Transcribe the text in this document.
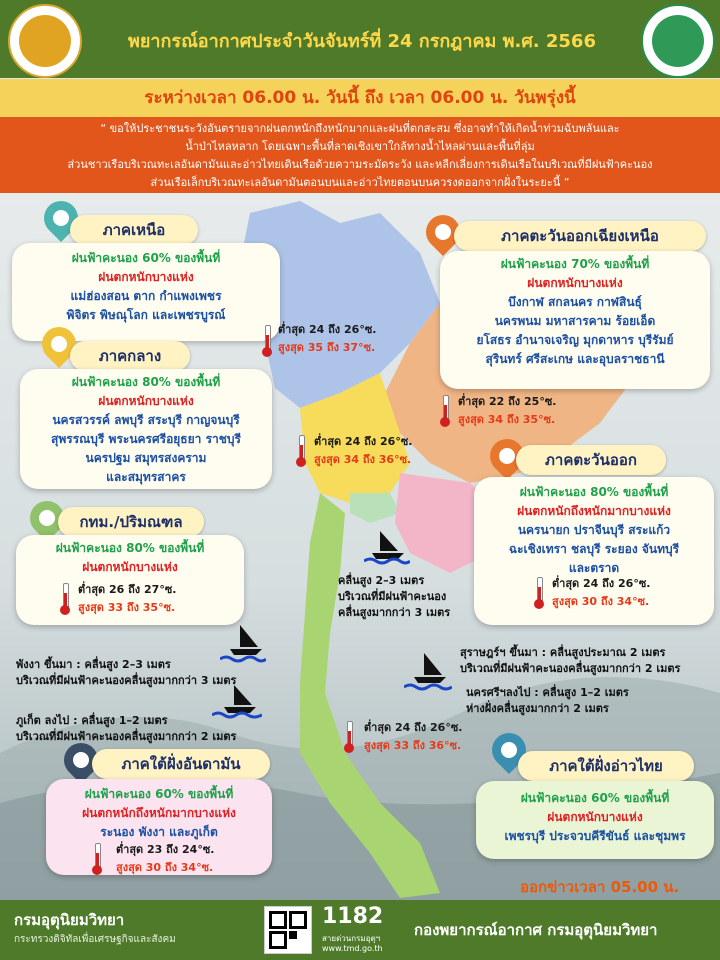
พยากรณ์อากาศประจำวันจันทร์ที่ 24 กรกฎาคม พ.ศ. 2566
ระหว่างเวลา 06.00 น. วันนี้ ถึง เวลา 06.00 น. วันพรุ่งนี้
“ ขอให้ประชาชนระวังอันตรายจากฝนตกหนักถึงหนักมากและฝนที่ตกสะสม ซึ่งอาจทำให้เกิดน้ำท่วมฉับพลันและ
น้ำป่าไหลหลาก โดยเฉพาะพื้นที่ลาดเชิงเขาใกล้ทางน้ำไหลผ่านและพื้นที่ลุ่ม
ส่วนชาวเรือบริเวณทะเลอันดามันและอ่าวไทยเดินเรือด้วยความระมัดระวัง และหลีกเลี่ยงการเดินเรือในบริเวณที่มีฝนฟ้าคะนอง
ส่วนเรือเล็กบริเวณทะเลอันดามันตอนบนและอ่าวไทยตอนบนควรงดออกจากฝั่งในระยะนี้ ”
ภาคเหนือ
ฝนฟ้าคะนอง 60% ของพื้นที่
ฝนตกหนักบางแห่ง
แม่ฮ่องสอน ตาก กำแพงเพชร
พิจิตร พิษณุโลก และเพชรบูรณ์
ต่ำสุด 24 ถึง 26°ซ.
สูงสุด 35 ถึง 37°ซ.
ภาคตะวันออกเฉียงเหนือ
ฝนฟ้าคะนอง 70% ของพื้นที่
ฝนตกหนักบางแห่ง
บึงกาฬ สกลนคร กาฬสินธุ์
นครพนม มหาสารคาม ร้อยเอ็ด
ยโสธร อำนาจเจริญ มุกดาหาร บุรีรัมย์
สุรินทร์ ศรีสะเกษ และอุบลราชธานี
ต่ำสุด 22 ถึง 25°ซ.
สูงสุด 34 ถึง 35°ซ.
ภาคกลาง
ฝนฟ้าคะนอง 80% ของพื้นที่
ฝนตกหนักบางแห่ง
นครสวรรค์ ลพบุรี สระบุรี กาญจนบุรี
สุพรรณบุรี พระนครศรีอยุธยา ราชบุรี
นครปฐม สมุทรสงคราม
และสมุทรสาคร
ต่ำสุด 24 ถึง 26°ซ.
สูงสุด 34 ถึง 36°ซ.	ภาคตะวันออก
ฝนฟ้าคะนอง 80% ของพื้นที่
ฝนตกหนักถึงหนักมากบางแห่ง
นครนายก ปราจีนบุรี สระแก้ว
ฉะเชิงเทรา ชลบุรี ระยอง จันทบุรี
และตราด
ต่ำสุด 24 ถึง 26°ซ.
สูงสุด 30 ถึง 34°ซ.
กทม./ปริมณฑล
ฝนฟ้าคะนอง 80% ของพื้นที่
ฝนตกหนักบางแห่ง
ต่ำสุด 26 ถึง 27°ซ.
สูงสุด 33 ถึง 35°ซ.
คลื่นสูง 2–3 เมตร
บริเวณที่มีฝนฟ้าคะนอง
คลื่นสูงมากกว่า 3 เมตร
พังงา ขึ้นมา : คลื่นสูง 2–3 เมตร
บริเวณที่มีฝนฟ้าคะนองคลื่นสูงมากกว่า 3 เมตร
ภูเก็ต ลงไป : คลื่นสูง 1–2 เมตร
บริเวณที่มีฝนฟ้าคะนองคลื่นสูงมากกว่า 2 เมตร
สุราษฎร์ฯ ขึ้นมา : คลื่นสูงประมาณ 2 เมตร
บริเวณที่มีฝนฟ้าคะนองคลื่นสูงมากกว่า 2 เมตร
นครศรีฯลงไป : คลื่นสูง 1–2 เมตร
ห่างฝั่งคลื่นสูงมากกว่า 2 เมตร
ต่ำสุด 24 ถึง 26°ซ.
สูงสุด 33 ถึง 36°ซ.
ภาคใต้ฝั่งอันดามัน
ฝนฟ้าคะนอง 60% ของพื้นที่
ฝนตกหนักถึงหนักมากบางแห่ง
ระนอง พังงา และภูเก็ต
ต่ำสุด 23 ถึง 24°ซ.
สูงสุด 30 ถึง 34°ซ.
ภาคใต้ฝั่งอ่าวไทย
ฝนฟ้าคะนอง 60% ของพื้นที่
ฝนตกหนักบางแห่ง
เพชรบุรี ประจวบคีรีขันธ์ และชุมพร
ออกข่าวเวลา 05.00 น.
กรมอุตุนิยมวิทยา
กระทรวงดิจิทัลเพื่อเศรษฐกิจและสังคม
1182
สายด่วนกรมอุตุฯ
www.tmd.go.th
กองพยากรณ์อากาศ กรมอุตุนิยมวิทยา
